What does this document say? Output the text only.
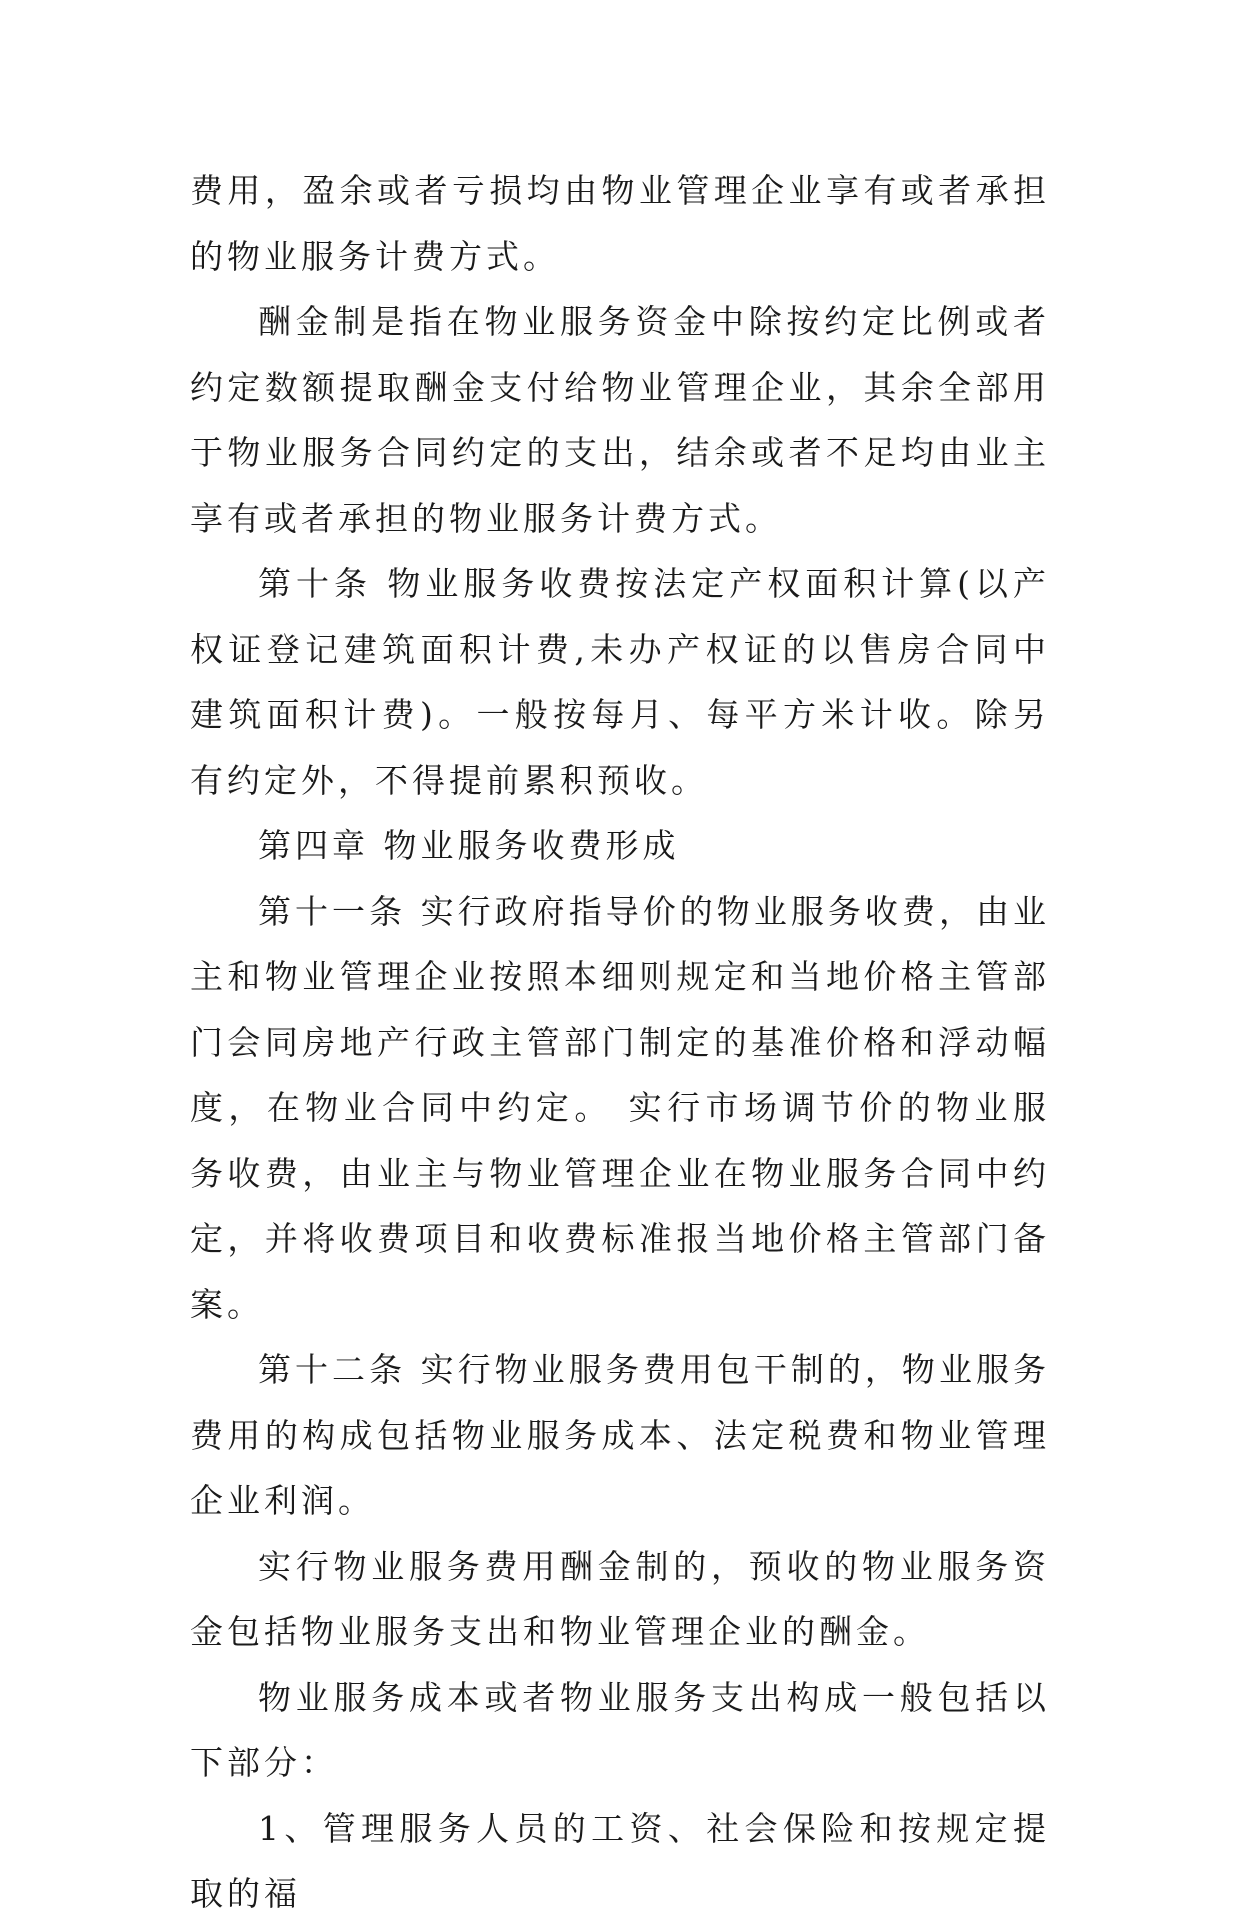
费用，盈余或者亏损均由物业管理企业享有或者承担的物业服务计费方式。

酬金制是指在物业服务资金中除按约定比例或者约定数额提取酬金支付给物业管理企业，其余全部用于物业服务合同约定的支出，结余或者不足均由业主享有或者承担的物业服务计费方式。

第十条 物业服务收费按法定产权面积计算(以产权证登记建筑面积计费,未办产权证的以售房合同中建筑面积计费)。一般按每月、每平方米计收。除另有约定外，不得提前累积预收。

第四章 物业服务收费形成

第十一条 实行政府指导价的物业服务收费，由业主和物业管理企业按照本细则规定和当地价格主管部门会同房地产行政主管部门制定的基准价格和浮动幅度，在物业合同中约定。 实行市场调节价的物业服务收费，由业主与物业管理企业在物业服务合同中约定，并将收费项目和收费标准报当地价格主管部门备案。

第十二条 实行物业服务费用包干制的，物业服务费用的构成包括物业服务成本、法定税费和物业管理企业利润。

实行物业服务费用酬金制的，预收的物业服务资金包括物业服务支出和物业管理企业的酬金。

物业服务成本或者物业服务支出构成一般包括以下部分：

1、管理服务人员的工资、社会保险和按规定提取的福
